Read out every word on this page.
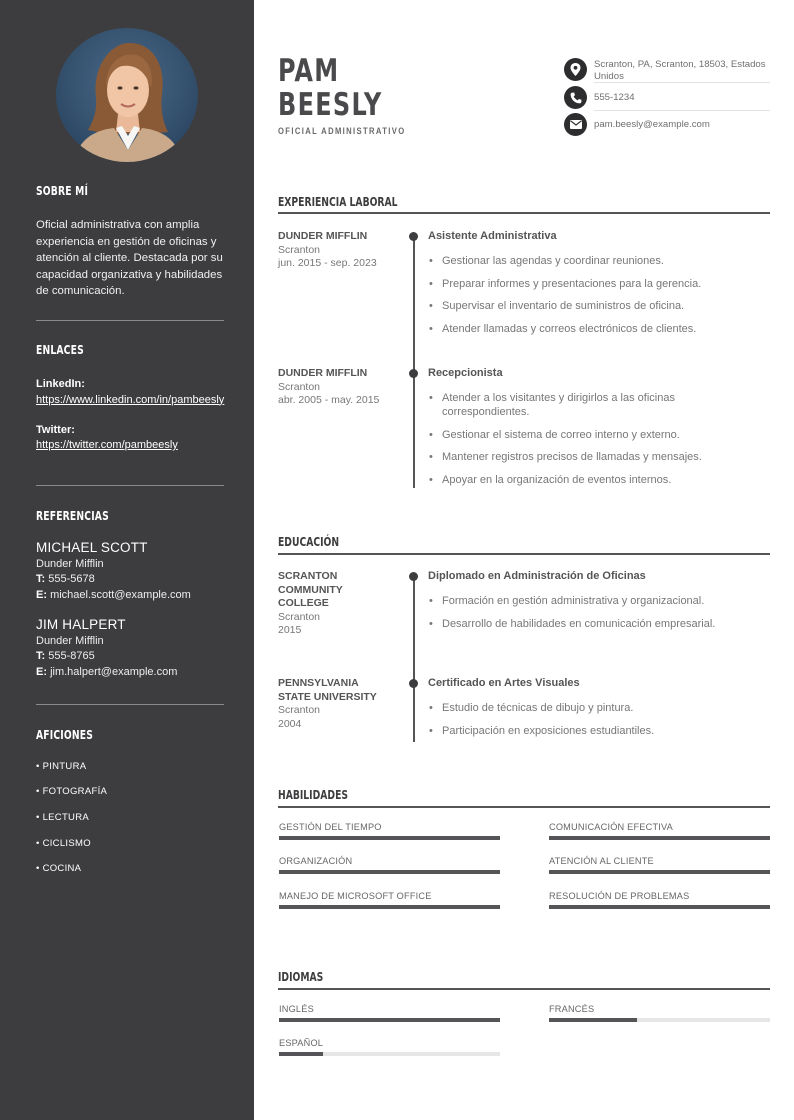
SOBRE MÍ
Oficial administrativa con amplia experiencia en gestión de oficinas y atención al cliente. Destacada por su capacidad organizativa y habilidades de comunicación.
ENLACES
LinkedIn:
https://www.linkedin.com/in/pambeesly
Twitter:
https://twitter.com/pambeesly
REFERENCIAS
MICHAEL SCOTT
Dunder Mifflin
T: 555-5678
E: michael.scott@example.com
JIM HALPERT
Dunder Mifflin
T: 555-8765
E: jim.halpert@example.com
AFICIONES
• PINTURA
• FOTOGRAFÍA
• LECTURA
• CICLISMO
• COCINA
PAM
BEESLY
OFICIAL ADMINISTRATIVO
Scranton, PA, Scranton, 18503, Estados Unidos
555-1234
pam.beesly@example.com
EXPERIENCIA LABORAL
DUNDER MIFFLIN
Scranton
jun. 2015 - sep. 2023
Asistente Administrativa
• Gestionar las agendas y coordinar reuniones.
• Preparar informes y presentaciones para la gerencia.
• Supervisar el inventario de suministros de oficina.
• Atender llamadas y correos electrónicos de clientes.
DUNDER MIFFLIN
Scranton
abr. 2005 - may. 2015
Recepcionista
• Atender a los visitantes y dirigirlos a las oficinas correspondientes.
• Gestionar el sistema de correo interno y externo.
• Mantener registros precisos de llamadas y mensajes.
• Apoyar en la organización de eventos internos.
EDUCACIÓN
SCRANTON COMMUNITY COLLEGE
Scranton
2015
Diplomado en Administración de Oficinas
• Formación en gestión administrativa y organizacional.
• Desarrollo de habilidades en comunicación empresarial.
PENNSYLVANIA STATE UNIVERSITY
Scranton
2004
Certificado en Artes Visuales
• Estudio de técnicas de dibujo y pintura.
• Participación en exposiciones estudiantiles.
HABILIDADES
GESTIÓN DEL TIEMPO	COMUNICACIÓN EFECTIVA
ORGANIZACIÓN	ATENCIÓN AL CLIENTE
MANEJO DE MICROSOFT OFFICE	RESOLUCIÓN DE PROBLEMAS
IDIOMAS
INGLÉS	FRANCÉS
ESPAÑOL
